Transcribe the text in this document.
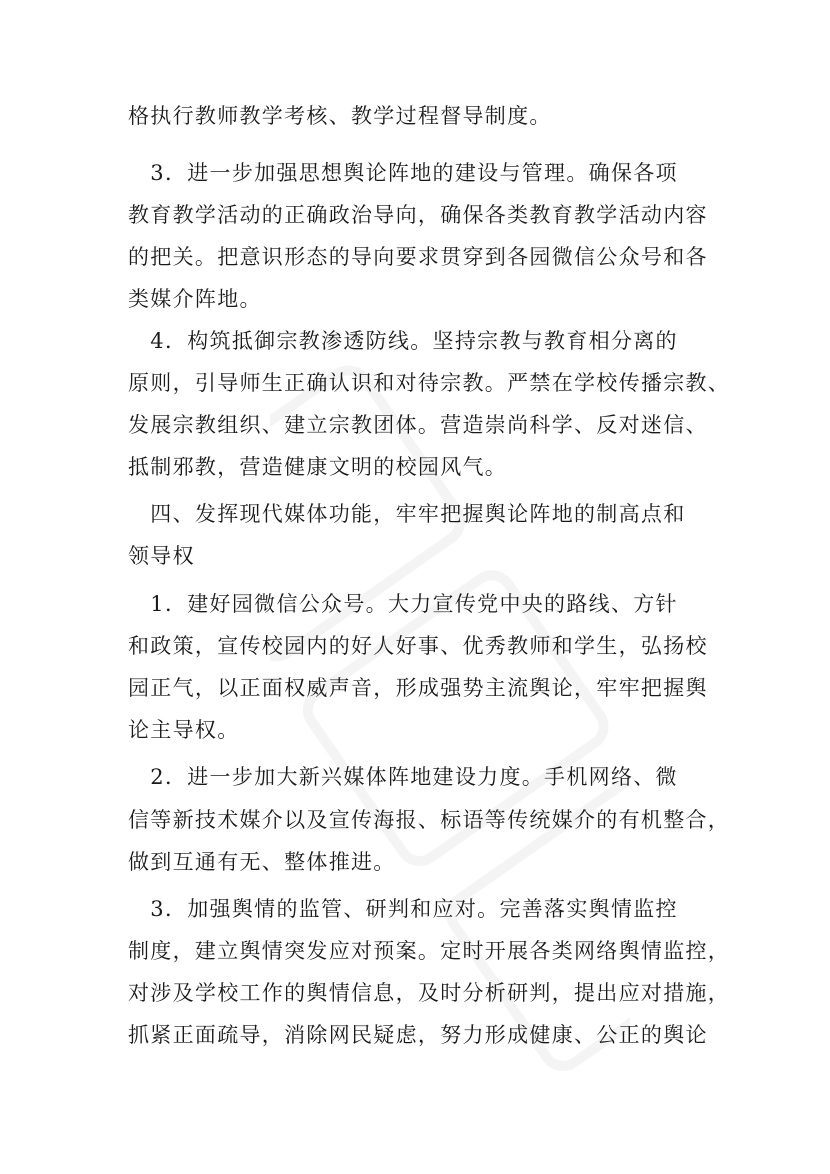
格执行教师教学考核、教学过程督导制度。
　3．进一步加强思想舆论阵地的建设与管理。确保各项
教育教学活动的正确政治导向，确保各类教育教学活动内容
的把关。把意识形态的导向要求贯穿到各园微信公众号和各
类媒介阵地。
　4．构筑抵御宗教渗透防线。坚持宗教与教育相分离的
原则，引导师生正确认识和对待宗教。严禁在学校传播宗教、
发展宗教组织、建立宗教团体。营造崇尚科学、反对迷信、
抵制邪教，营造健康文明的校园风气。
　四、发挥现代媒体功能，牢牢把握舆论阵地的制高点和
领导权
　1．建好园微信公众号。大力宣传党中央的路线、方针
和政策，宣传校园内的好人好事、优秀教师和学生，弘扬校
园正气，以正面权威声音，形成强势主流舆论，牢牢把握舆
论主导权。
　2．进一步加大新兴媒体阵地建设力度。手机网络、微
信等新技术媒介以及宣传海报、标语等传统媒介的有机整合，
做到互通有无、整体推进。
　3．加强舆情的监管、研判和应对。完善落实舆情监控
制度，建立舆情突发应对预案。定时开展各类网络舆情监控，
对涉及学校工作的舆情信息，及时分析研判，提出应对措施，
抓紧正面疏导，消除网民疑虑，努力形成健康、公正的舆论
